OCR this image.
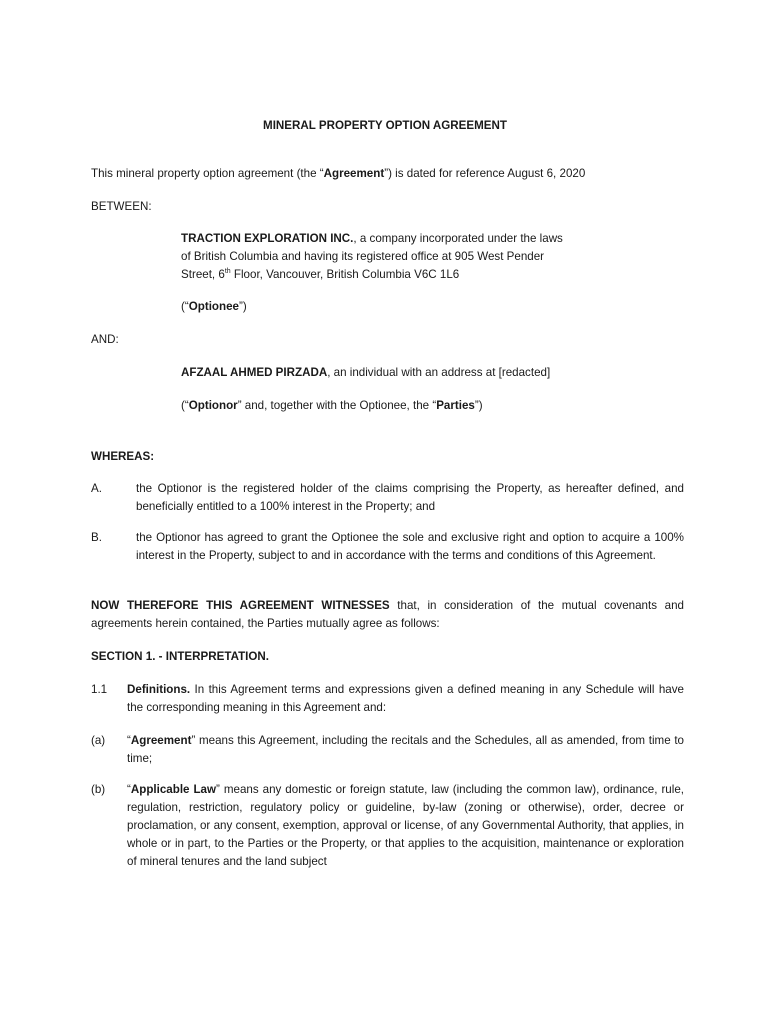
MINERAL PROPERTY OPTION AGREEMENT
This mineral property option agreement (the “Agreement”) is dated for reference August 6, 2020
BETWEEN:
TRACTION EXPLORATION INC., a company incorporated under the laws
of British Columbia and having its registered office at 905 West Pender
Street, 6th Floor, Vancouver, British Columbia V6C 1L6
(“Optionee”)
AND:
AFZAAL AHMED PIRZADA, an individual with an address at [redacted]
(“Optionor” and, together with the Optionee, the “Parties”)
WHEREAS:
A.	the Optionor is the registered holder of the claims comprising the Property, as hereafter defined, and beneficially entitled to a 100% interest in the Property; and
B.	the Optionor has agreed to grant the Optionee the sole and exclusive right and option to acquire a 100% interest in the Property, subject to and in accordance with the terms and conditions of this Agreement.
NOW THEREFORE THIS AGREEMENT WITNESSES that, in consideration of the mutual covenants and agreements herein contained, the Parties mutually agree as follows:
SECTION 1. - INTERPRETATION.
1.1 Definitions. In this Agreement terms and expressions given a defined meaning in any Schedule will have the corresponding meaning in this Agreement and:
(a) “Agreement” means this Agreement, including the recitals and the Schedules, all as amended, from time to time;
(b) “Applicable Law” means any domestic or foreign statute, law (including the common law), ordinance, rule, regulation, restriction, regulatory policy or guideline, by-law (zoning or otherwise), order, decree or proclamation, or any consent, exemption, approval or license, of any Governmental Authority, that applies, in whole or in part, to the Parties or the Property, or that applies to the acquisition, maintenance or exploration of mineral tenures and the land subject
